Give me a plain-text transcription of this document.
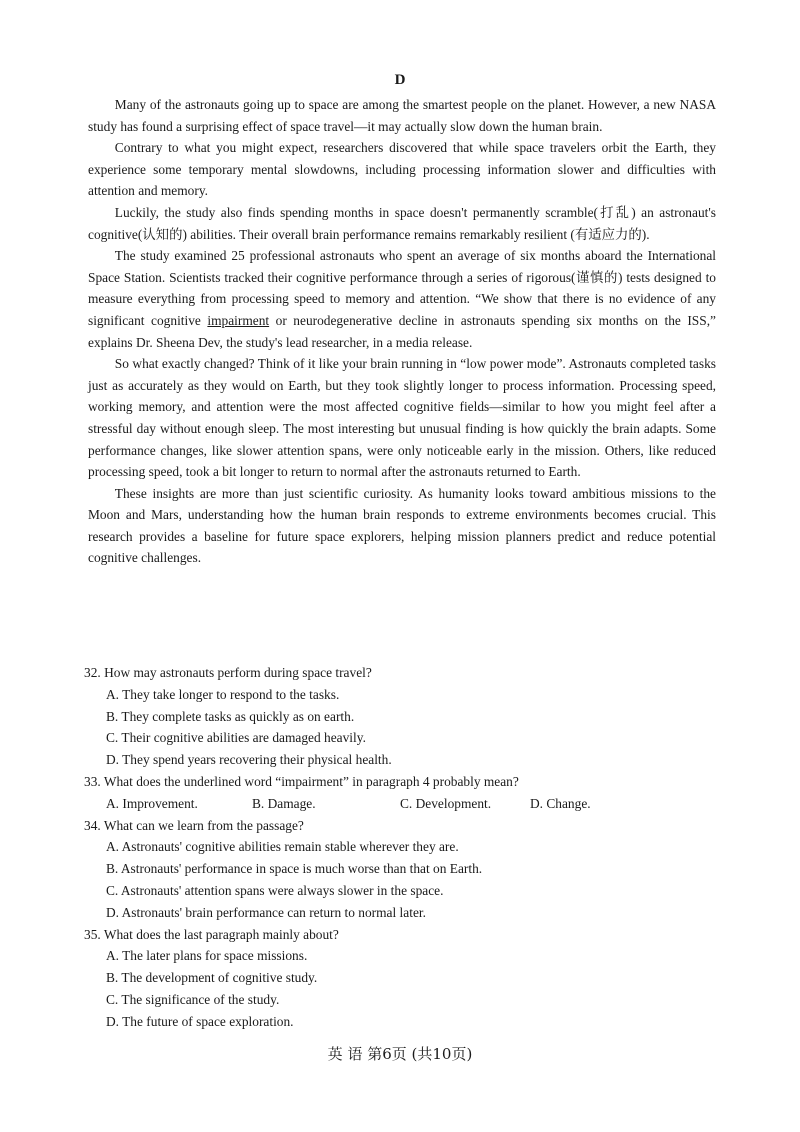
D

Many of the astronauts going up to space are among the smartest people on the planet. However, a new NASA study has found a surprising effect of space travel—it may actually slow down the human brain.

Contrary to what you might expect, researchers discovered that while space travelers orbit the Earth, they experience some temporary mental slowdowns, including processing information slower and difficulties with attention and memory.

Luckily, the study also finds spending months in space doesn't permanently scramble(打乱) an astronaut's cognitive(认知的) abilities. Their overall brain performance remains remarkably resilient (有适应力的).

The study examined 25 professional astronauts who spent an average of six months aboard the International Space Station. Scientists tracked their cognitive performance through a series of rigorous(谨慎的) tests designed to measure everything from processing speed to memory and attention. “We show that there is no evidence of any significant cognitive impairment or neurodegenerative decline in astronauts spending six months on the ISS,” explains Dr. Sheena Dev, the study's lead researcher, in a media release.

So what exactly changed? Think of it like your brain running in “low power mode”. Astronauts completed tasks just as accurately as they would on Earth, but they took slightly longer to process information. Processing speed, working memory, and attention were the most affected cognitive fields—similar to how you might feel after a stressful day without enough sleep. The most interesting but unusual finding is how quickly the brain adapts. Some performance changes, like slower attention spans, were only noticeable early in the mission. Others, like reduced processing speed, took a bit longer to return to normal after the astronauts returned to Earth.

These insights are more than just scientific curiosity. As humanity looks toward ambitious missions to the Moon and Mars, understanding how the human brain responds to extreme environments becomes crucial. This research provides a baseline for future space explorers, helping mission planners predict and reduce potential cognitive challenges.

32. How may astronauts perform during space travel?

A. They take longer to respond to the tasks.

B. They complete tasks as quickly as on earth.

C. Their cognitive abilities are damaged heavily.

D. They spend years recovering their physical health.

33. What does the underlined word “impairment” in paragraph 4 probably mean?

A. Improvement.	B. Damage.	C. Development.	D. Change.

34. What can we learn from the passage?

A. Astronauts' cognitive abilities remain stable wherever they are.

B. Astronauts' performance in space is much worse than that on Earth.

C. Astronauts' attention spans were always slower in the space.

D. Astronauts' brain performance can return to normal later.

35. What does the last paragraph mainly about?

A. The later plans for space missions.

B. The development of cognitive study.

C. The significance of the study.

D. The future of space exploration.

英 语 第6页 (共10页)
